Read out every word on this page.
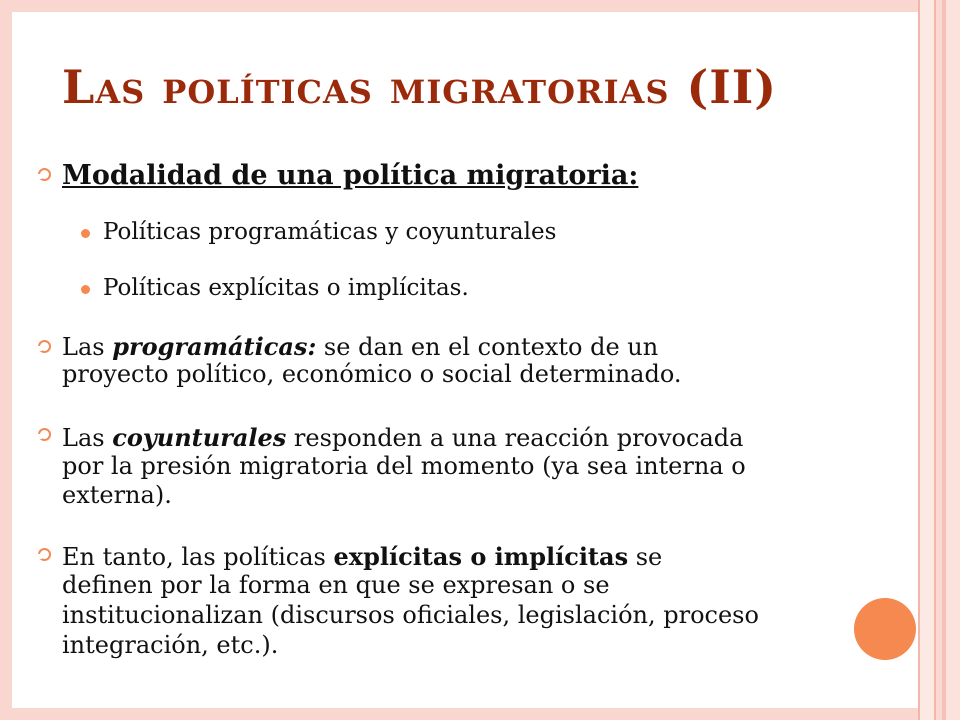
Las políticas migratorias (II)
Modalidad de una política migratoria:
Políticas programáticas y coyunturales
Políticas explícitas o implícitas.
Las programáticas: se dan en el contexto de un
proyecto político, económico o social determinado.
Las coyunturales responden a una reacción provocada
por la presión migratoria del momento (ya sea interna o
externa).
En tanto, las políticas explícitas o implícitas se
definen por la forma en que se expresan o se
institucionalizan (discursos oficiales, legislación, proceso
integración, etc.).
